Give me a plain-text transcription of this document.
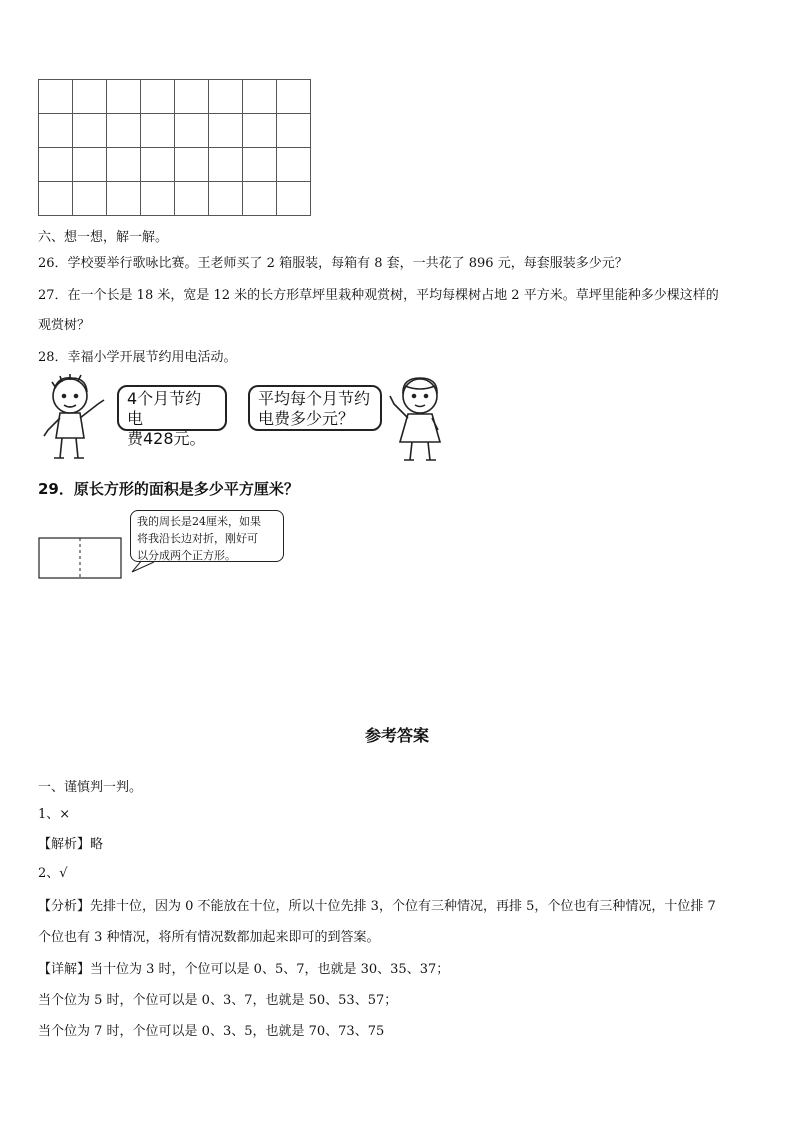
六、想一想，解一解。
26．学校要举行歌咏比赛。王老师买了 2 箱服装，每箱有 8 套，一共花了 896 元，每套服装多少元？
27．在一个长是 18 米，宽是 12 米的长方形草坪里栽种观赏树，平均每棵树占地 2 平方米。草坪里能种多少棵这样的
观赏树？
28．幸福小学开展节约用电活动。
4个月节约电
费428元。
平均每个月节约
电费多少元？
29．原长方形的面积是多少平方厘米？
我的周长是24厘米，如果
将我沿长边对折，刚好可
以分成两个正方形。
参考答案
一、谨慎判一判。
1、×
【解析】略
2、√
【分析】先排十位，因为 0 不能放在十位，所以十位先排 3，个位有三种情况，再排 5，个位也有三种情况，十位排 7
个位也有 3 种情况，将所有情况数都加起来即可的到答案。
【详解】当十位为 3 时，个位可以是 0、5、7，也就是 30、35、37；
当个位为 5 时，个位可以是 0、3、7，也就是 50、53、57；
当个位为 7 时，个位可以是 0、3、5，也就是 70、73、75
